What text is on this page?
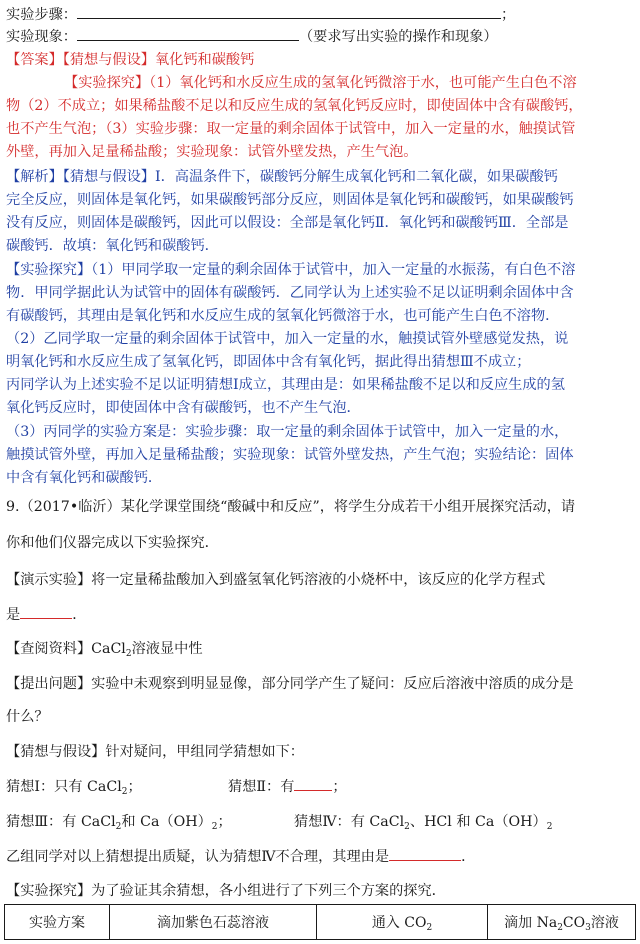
实验步骤：	；
实验现象：	（要求写出实验的操作和现象）
【答案】【猜想与假设】氧化钙和碳酸钙
【实验探究】（1）氧化钙和水反应生成的氢氧化钙微溶于水，也可能产生白色不溶
物（2）不成立；如果稀盐酸不足以和反应生成的氢氧化钙反应时，即使固体中含有碳酸钙，
也不产生气泡；（3）实验步骤：取一定量的剩余固体于试管中，加入一定量的水，触摸试管
外壁，再加入足量稀盐酸；实验现象：试管外壁发热，产生气泡。
【解析】【猜想与假设】Ⅰ．高温条件下，碳酸钙分解生成氧化钙和二氧化碳，如果碳酸钙
完全反应，则固体是氧化钙，如果碳酸钙部分反应，则固体是氧化钙和碳酸钙，如果碳酸钙
没有反应，则固体是碳酸钙，因此可以假设：全部是氧化钙Ⅱ．氧化钙和碳酸钙Ⅲ．全部是
碳酸钙．故填：氧化钙和碳酸钙．
【实验探究】（1）甲同学取一定量的剩余固体于试管中，加入一定量的水振荡，有白色不溶
物．甲同学据此认为试管中的固体有碳酸钙．乙同学认为上述实验不足以证明剩余固体中含
有碳酸钙，其理由是氧化钙和水反应生成的氢氧化钙微溶于水，也可能产生白色不溶物．
（2）乙同学取一定量的剩余固体于试管中，加入一定量的水，触摸试管外壁感觉发热，说
明氧化钙和水反应生成了氢氧化钙，即固体中含有氧化钙，据此得出猜想Ⅲ不成立；
丙同学认为上述实验不足以证明猜想Ⅰ成立，其理由是：如果稀盐酸不足以和反应生成的氢
氧化钙反应时，即使固体中含有碳酸钙，也不产生气泡．
（3）丙同学的实验方案是：实验步骤：取一定量的剩余固体于试管中，加入一定量的水，
触摸试管外壁，再加入足量稀盐酸；实验现象：试管外壁发热，产生气泡；实验结论：固体
中含有氧化钙和碳酸钙．
9.（2017•临沂）某化学课堂围绕“酸碱中和反应”，将学生分成若干小组开展探究活动，请
你和他们仪器完成以下实验探究．
【演示实验】将一定量稀盐酸加入到盛氢氧化钙溶液的小烧杯中，该反应的化学方程式
是	．
【查阅资料】CaCl$_2$溶液显中性
【提出问题】实验中未观察到明显显像，部分同学产生了疑问：反应后溶液中溶质的成分是
什么？
【猜想与假设】针对疑问，甲组同学猜想如下：
猜想Ⅰ：只有 CaCl$_2$；	猜想Ⅱ：有	；
猜想Ⅲ：有 CaCl$_2$和 $Ca(OH)_2$；	猜想Ⅳ：有 CaCl$_2$、HCl 和 $Ca(OH)_2$
乙组同学对以上猜想提出质疑，认为猜想Ⅳ不合理，其理由是	．
【实验探究】为了验证其余猜想，各小组进行了下列三个方案的探究．
实验方案	滴加紫色石蕊溶液	通入 $CO_2$	滴加 $Na_2CO_3$溶液
